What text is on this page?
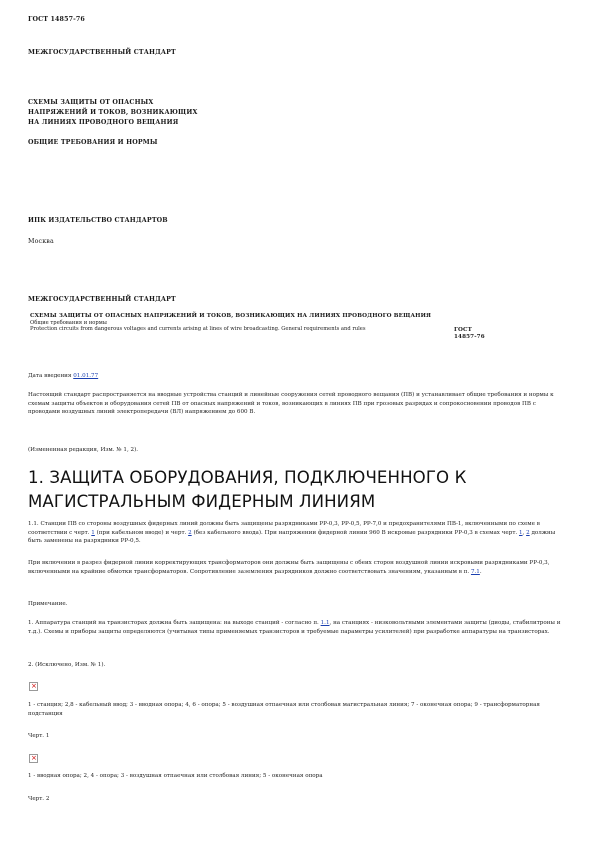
ГОСТ 14857-76
МЕЖГОСУДАРСТВЕННЫЙ СТАНДАРТ
СХЕМЫ ЗАЩИТЫ ОТ ОПАСНЫХ
НАПРЯЖЕНИЙ И ТОКОВ, ВОЗНИКАЮЩИХ
НА ЛИНИЯХ ПРОВОДНОГО ВЕЩАНИЯ
ОБЩИЕ ТРЕБОВАНИЯ И НОРМЫ
ИПК ИЗДАТЕЛЬСТВО СТАНДАРТОВ
Москва
МЕЖГОСУДАРСТВЕННЫЙ СТАНДАРТ
СХЕМЫ ЗАЩИТЫ ОТ ОПАСНЫХ НАПРЯЖЕНИЙ И ТОКОВ, ВОЗНИКАЮЩИХ НА ЛИНИЯХ ПРОВОДНОГО ВЕЩАНИЯ
Общие требования и нормы
Protection circuits from dangerous voltages and currents arising at lines of wire broadcasting. General requirements and rules	ГОСТ
14857-76
Дата введения 01.01.77
Настоящий стандарт распространяется на вводные устройства станций и линейные сооружения сетей проводного вещания (ПВ) и устанавливает общие требования и нормы к схемам защиты объектов и оборудования сетей ПВ от опасных напряжений и токов, возникающих в линиях ПВ при грозовых разрядах и сопрокосновении проводов ПВ с проводами воздушных линий электропередачи (ВЛ) напряжением до 600 В.
(Измененная редакция, Изм. № 1, 2).
1. ЗАЩИТА ОБОРУДОВАНИЯ, ПОДКЛЮЧЕННОГО К МАГИСТРАЛЬНЫМ ФИДЕРНЫМ ЛИНИЯМ
1.1. Станции ПВ со стороны воздушных фидерных линий должны быть защищены разрядниками РР-0,3, РР-0,5, РР-7,0 и предохранителями ПВ-1, включенными по схеме в соответствии с черт. 1 (при кабельном вводе) и черт. 2 (без кабельного ввода). При напряжении фидерной линии 960 В искровые разрядники РР-0,3 в схемах черт. 1, 2 должны быть заменены на разрядники РР-0,5.
При включении в разрез фидерной линии корректирующих трансформаторов они должны быть защищены с обеих сторон воздушной линии искровыми разрядниками РР-0,3, включенными на крайние обмотки трансформаторов. Сопротивление заземления разрядников должно соответствовать значениям, указанным в п. 7.1.
Примечание.
1. Аппаратура станций на транзисторах должна быть защищена: на выходе станций - согласно п. 1.1, на станциях - низковольтными элементами защиты (диоды, стабилитроны и т.д.). Схемы и приборы защиты определяются (учитывая типы применяемых транзисторов и требуемые параметры усилителей) при разработке аппаратуры на транзисторах.
2. (Исключено, Изм. № 1).
×
1 - станция; 2,8 - кабельный ввод; 3 - вводная опора; 4, 6 - опора; 5 - воздушная отпаечная или столбовая магистральная линия; 7 - оконечная опора; 9 - трансформаторная подстанция
Черт. 1
×
1 - вводная опора; 2, 4 - опора; 3 - воздушная отпаечная или столбовая линия; 5 - оконечная опора
Черт. 2
